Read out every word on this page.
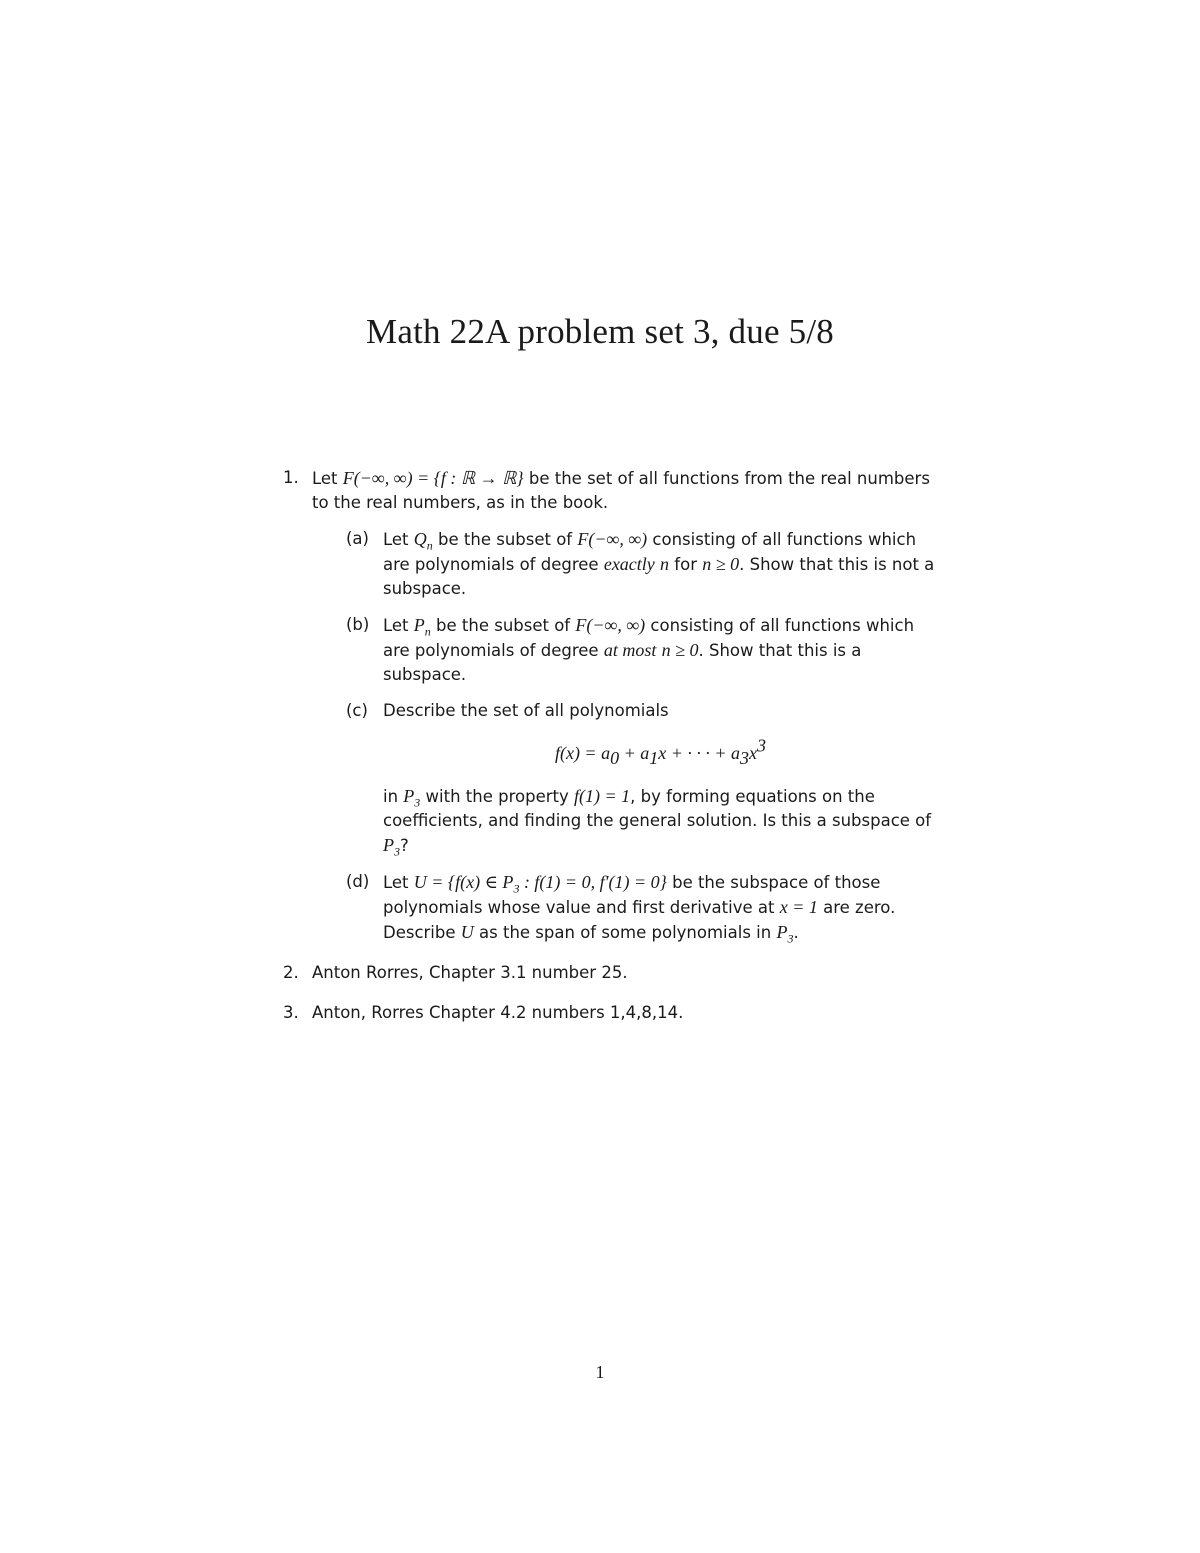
Math 22A problem set 3, due 5/8
1. Let F(−∞, ∞) = {f : ℝ → ℝ} be the set of all functions from the real numbers to the real numbers, as in the book.
(a) Let $Q_n$ be the subset of F(−∞, ∞) consisting of all functions which are polynomials of degree exactly n for n ≥ 0. Show that this is not a subspace.
(b) Let $P_n$ be the subset of F(−∞, ∞) consisting of all functions which are polynomials of degree at most n ≥ 0. Show that this is a subspace.
(c) Describe the set of all polynomials
$f(x) = a_0 + a_1x$ + · · · + $a_3x^3$
in $P_3$ with the property f(1) = 1, by forming equations on the coefficients, and finding the general solution. Is this a subspace of $P_3$?
(d) Let U = {f(x) ∈ $P_3$ : f(1) = 0, f′(1) = 0} be the subspace of those polynomials whose value and first derivative at x = 1 are zero. Describe U as the span of some polynomials in $P_3$.
2. Anton Rorres, Chapter 3.1 number 25.
3. Anton, Rorres Chapter 4.2 numbers 1,4,8,14.
1
